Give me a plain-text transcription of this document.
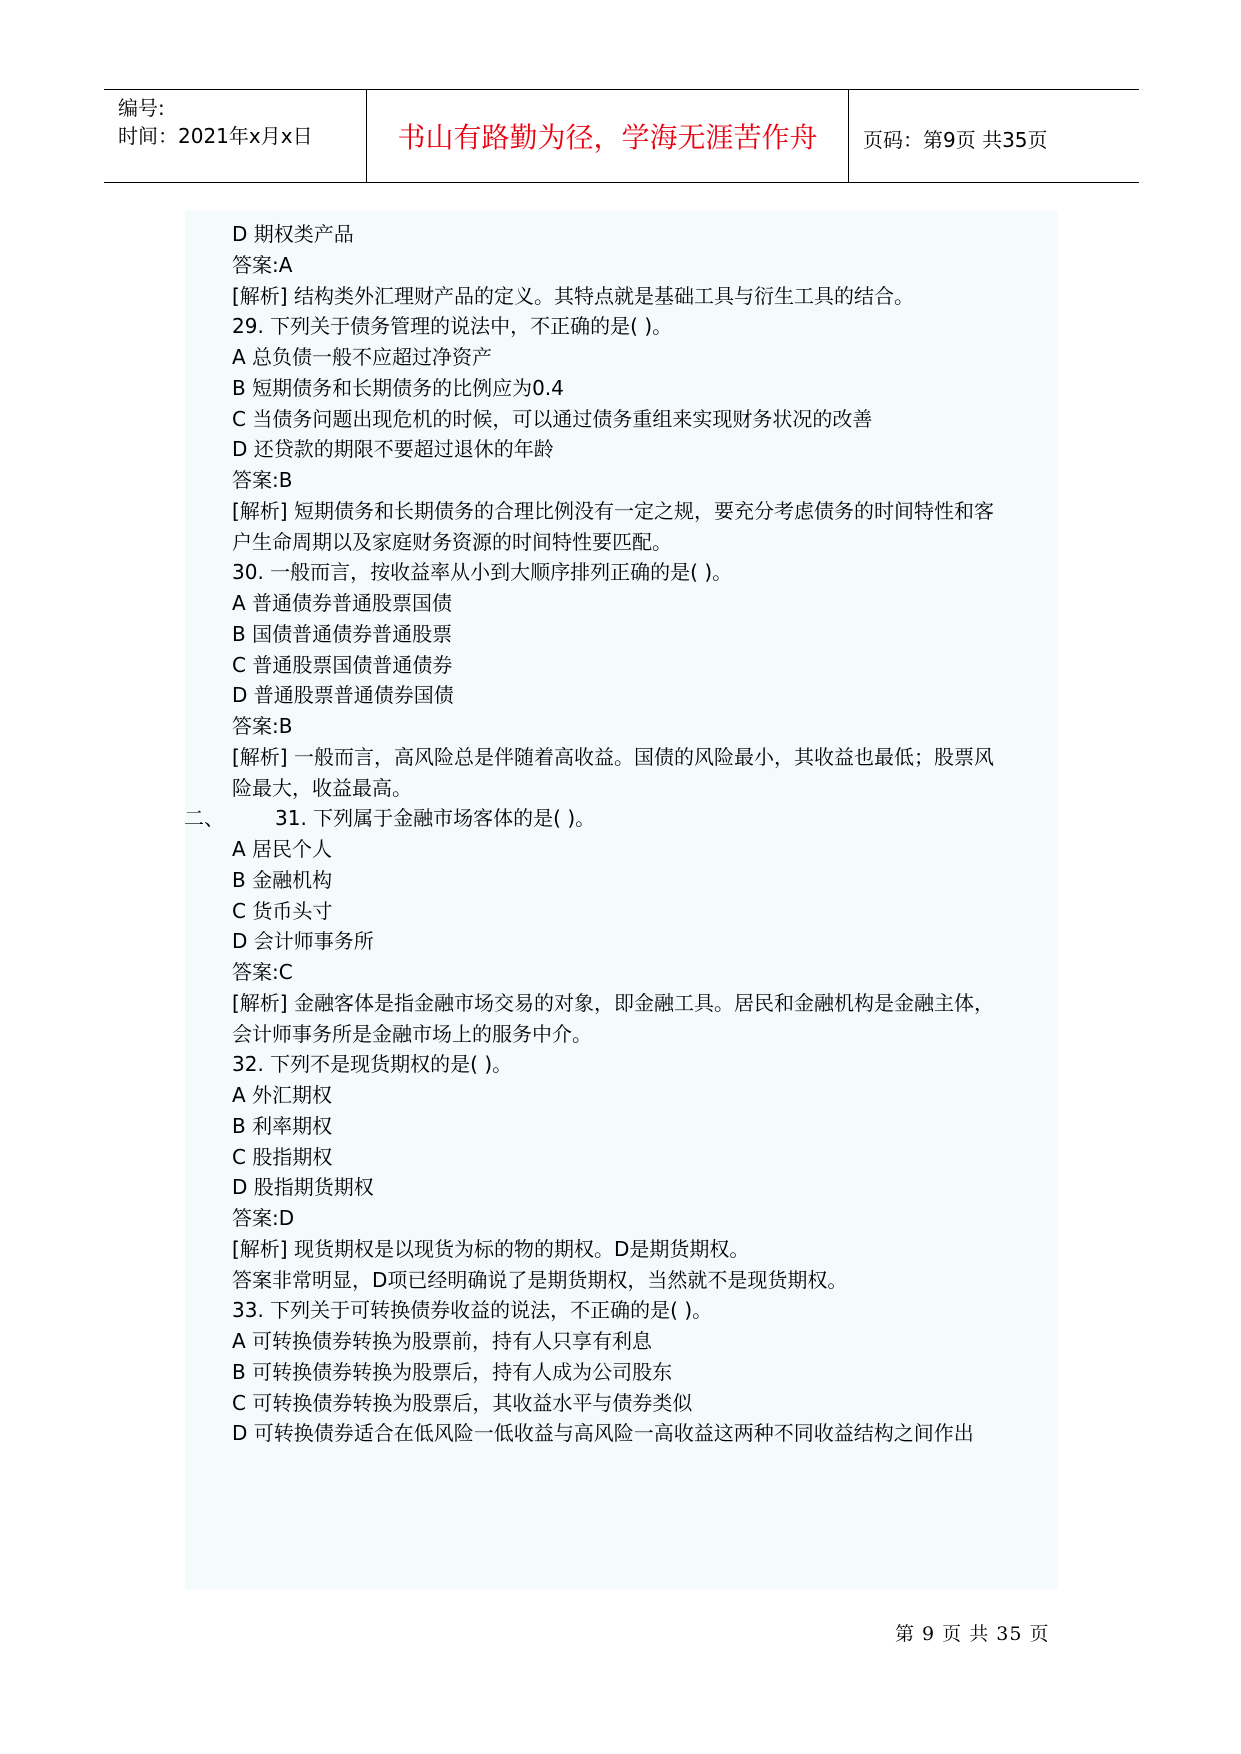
编号:
时间：2021年x月x日	书山有路勤为径，学海无涯苦作舟	页码：第9页 共35页
二、
D 期权类产品
答案:A
[解析] 结构类外汇理财产品的定义。其特点就是基础工具与衍生工具的结合。
29. 下列关于债务管理的说法中，不正确的是( )。
A 总负债一般不应超过净资产
B 短期债务和长期债务的比例应为0.4
C 当债务问题出现危机的时候，可以通过债务重组来实现财务状况的改善
D 还贷款的期限不要超过退休的年龄
答案:B
[解析] 短期债务和长期债务的合理比例没有一定之规，要充分考虑债务的时间特性和客
户生命周期以及家庭财务资源的时间特性要匹配。
30. 一般而言，按收益率从小到大顺序排列正确的是( )。
A 普通债券普通股票国债
B 国债普通债券普通股票
C 普通股票国债普通债券
D 普通股票普通债券国债
答案:B
[解析] 一般而言，高风险总是伴随着高收益。国债的风险最小，其收益也最低；股票风
险最大，收益最高。
31. 下列属于金融市场客体的是( )。
A 居民个人
B 金融机构
C 货币头寸
D 会计师事务所
答案:C
[解析] 金融客体是指金融市场交易的对象，即金融工具。居民和金融机构是金融主体，
会计师事务所是金融市场上的服务中介。
32. 下列不是现货期权的是( )。
A 外汇期权
B 利率期权
C 股指期权
D 股指期货期权
答案:D
[解析] 现货期权是以现货为标的物的期权。D是期货期权。
答案非常明显，D项已经明确说了是期货期权，当然就不是现货期权。
33. 下列关于可转换债券收益的说法，不正确的是( )。
A 可转换债券转换为股票前，持有人只享有利息
B 可转换债券转换为股票后，持有人成为公司股东
C 可转换债券转换为股票后，其收益水平与债券类似
D 可转换债券适合在低风险一低收益与高风险一高收益这两种不同收益结构之间作出
第 9 页 共 35 页
